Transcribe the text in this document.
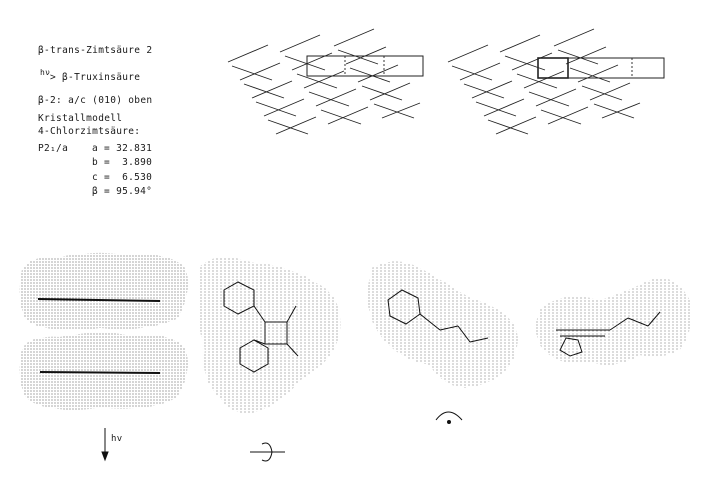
β-trans-Zimtsäure 2
hν > β-Truxinsäure
β-2: a/c (010) oben
Kristallmodell
4-Chlorzimtsäure:
P2₁/a	a = 32.831
b =  3.890
c =  6.530
β = 95.94°
hv
